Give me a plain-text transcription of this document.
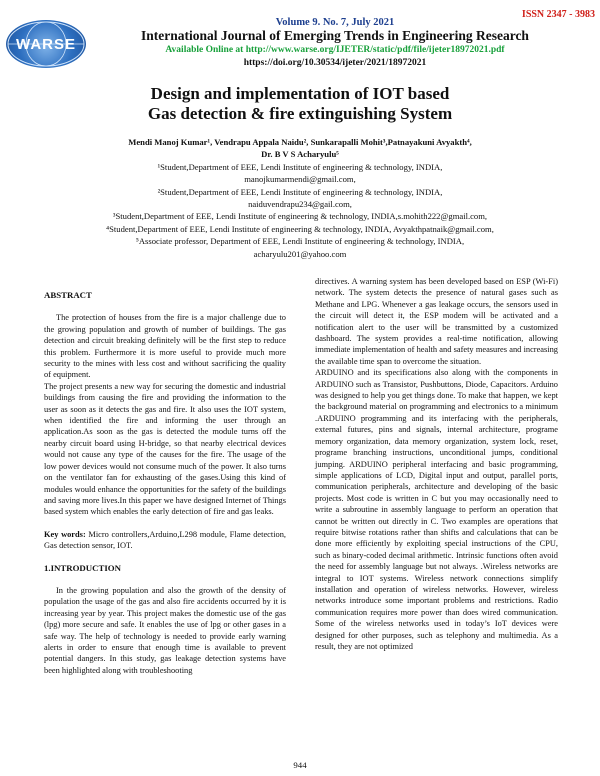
WARSE
ISSN 2347 - 3983
Volume 9. No. 7, July 2021
International Journal of Emerging Trends in Engineering Research
Available Online at http://www.warse.org/IJETER/static/pdf/file/ijeter18972021.pdf
https://doi.org/10.30534/ijeter/2021/18972021
Design and implementation of IOT based
Gas detection & fire extinguishing System
Mendi Manoj Kumar¹, Vendrapu Appala Naidu², Sunkarapalli Mohit³,Patnayakuni Avyakth⁴,
Dr. B V S Acharyulu⁵
¹Student,Department of EEE, Lendi Institute of engineering & technology, INDIA,
manojkumarmendi@gmail.com,
²Student,Department of EEE, Lendi Institute of engineering & technology, INDIA,
naiduvendrapu234@gail.com,
³Student,Department of EEE, Lendi Institute of engineering & technology, INDIA,s.mohith222@gmail.com,
⁴Student,Department of EEE, Lendi Institute of engineering & technology, INDIA, Avyakthpatnaik@gmail.com,
⁵Associate professor, Department of EEE, Lendi Institute of engineering & technology, INDIA,
acharyulu201@yahoo.com

ABSTRACT

The protection of houses from the fire is a major challenge due to the growing population and growth of number of buildings. The gas detection and circuit breaking definitely will be the first step to reduce this problem. Furthermore it is more useful to provide much more security to the mines with less cost and without sacrificing the quality of equipment.

The project presents a new way for securing the domestic and industrial buildings from causing the fire and providing the information to the user as soon as it detects the gas and fire. It also uses the IOT system, when identified the fire and informing the user through an application.As soon as the gas is detected the module turns off the nearby circuit board using H-bridge, so that nearby electrical devices would not cause any type of the causes for the fire. The usage of the low power devices would not consume much of the power. It also turns on the ventilator fan for exhausting of the gases.Using this kind of modules would enhance the opportunities for the safety of the buildings and saving more lives.In this paper we have designed Internet of Things based system which enables the early detection of fire and gas leaks.

Key words: Micro controllers,Arduino,L298 module, Flame detection, Gas detection sensor, IOT.

1.INTRODUCTION

In the growing population and also the growth of the density of population the usage of the gas and also fire accidents occurred by it is increasing year by year. This project makes the domestic use of the gas (lpg) more secure and safe. It enables the use of lpg or other gases in a safe way. The help of technology is needed to provide early warning alerts in order to ensure that enough time is available to prevent potential dangers. In this study, gas leakage detection systems have been highlighted along with troubleshooting

directives. A warning system has been developed based on ESP (Wi-Fi) network. The system detects the presence of natural gases such as Methane and LPG. Whenever a gas leakage occurs, the sensors used in the circuit will detect it, the ESP modem will be activated and a notification alert to the user will be transmitted by a customized dashboard. The system provides a real-time notification, allowing immediate implementation of health and safety measures and increasing the available time span to overcome the situation.

ARDUINO and its specifications also along with the components in ARDUINO such as Transistor, Pushbuttons, Diode, Capacitors. Arduino was designed to help you get things done. To make that happen, we kept the background material on programming and electronics to a minimum .ARDUINO programming and its interfacing with the peripherals, external futures, pins and signals, internal architecture, programe memory organization, data memory organization, system lock, reset, programe branching instructions, unconditional jumps, conditional jumping. ARDUINO peripheral interfacing and basic programming, simple applications of LCD, Digital input and output, parallel ports, communication peripherals, architecture and developing of the basic projects. Most code is written in C but you may occasionally need to write a subroutine in assembly language to perform an operation that cannot be written out directly in C. Two examples are operations that require bitwise rotations rather than shifts and calculations that can be done more efficiently by exploiting special instructions of the CPU, such as binary-coded decimal arithmetic. Intrinsic functions often avoid the need for assembly language but not always. .Wireless networks are integral to IOT systems. Wireless network connections simplify installation and operation of wireless networks. However, wireless networks introduce some important problems and restrictions. Radio communication requires more power than does wired communication. Some of the wireless networks used in today’s IoT devices were designed for other purposes, such as telephony and multimedia. As a result, they are not optimized

944
